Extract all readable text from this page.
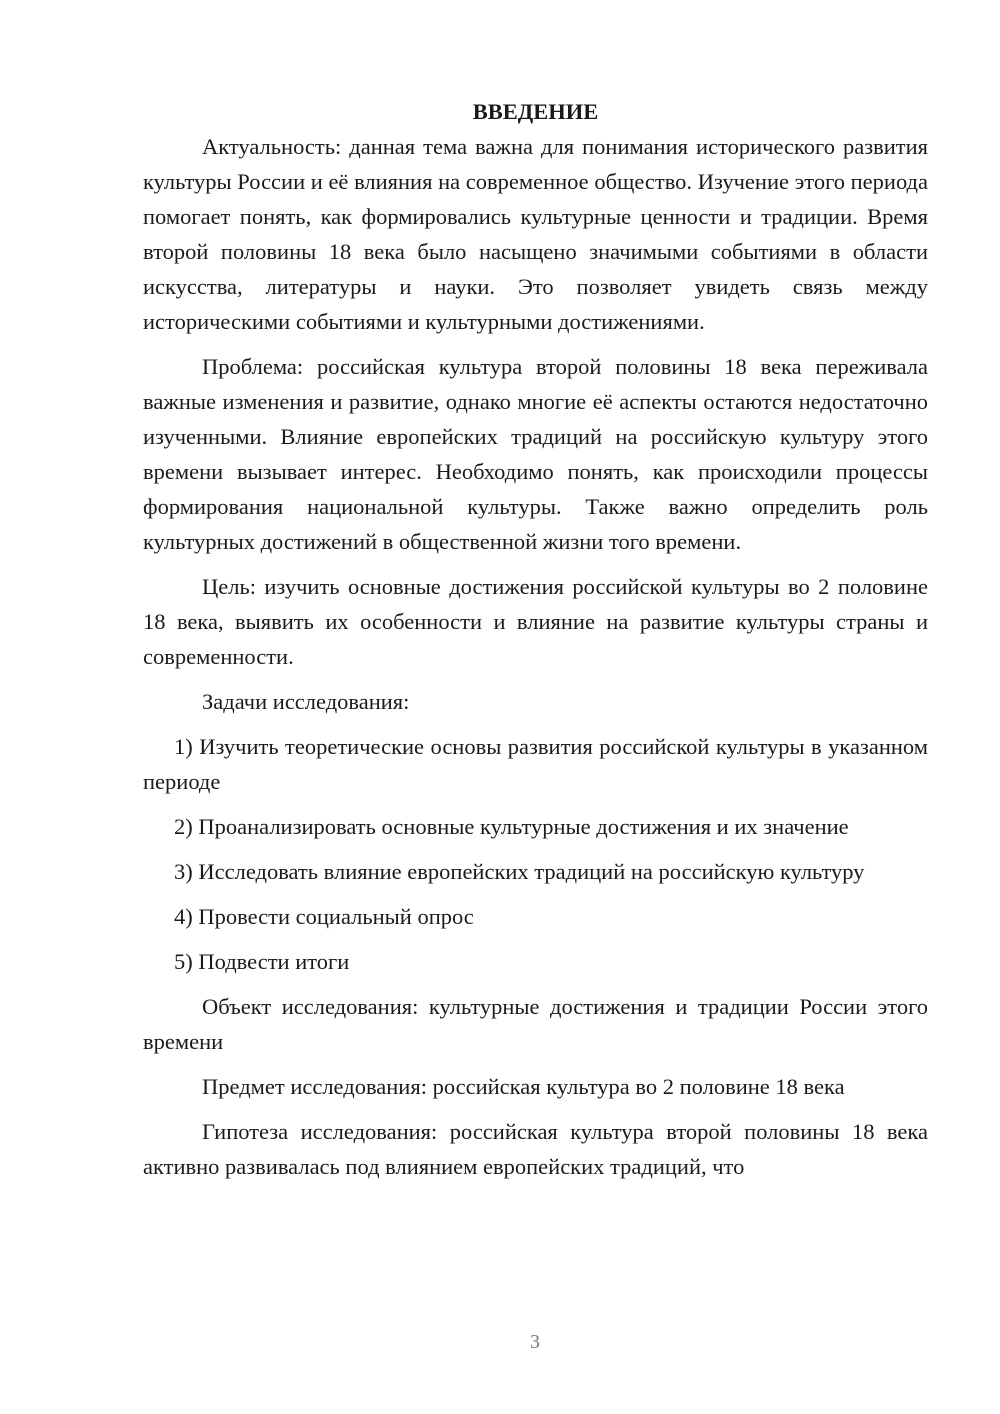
ВВЕДЕНИЕ

Актуальность: данная тема важна для понимания исторического развития культуры России и её влияния на современное общество. Изучение этого периода помогает понять, как формировались культурные ценности и традиции. Время второй половины 18 века было насыщено значимыми событиями в области искусства, литературы и науки. Это позволяет увидеть связь между историческими событиями и культурными достижениями.

Проблема: российская культура второй половины 18 века переживала важные изменения и развитие, однако многие её аспекты остаются недостаточно изученными. Влияние европейских традиций на российскую культуру этого времени вызывает интерес. Необходимо понять, как происходили процессы формирования национальной культуры. Также важно определить роль культурных достижений в общественной жизни того времени.

Цель: изучить основные достижения российской культуры во 2 половине 18 века, выявить их особенности и влияние на развитие культуры страны и современности.

Задачи исследования:

1) Изучить теоретические основы развития российской культуры в указанном периоде

2) Проанализировать основные культурные достижения и их значение

3) Исследовать влияние европейских традиций на российскую культуру

4) Провести социальный опрос

5) Подвести итоги

Объект исследования: культурные достижения и традиции России этого времени

Предмет исследования: российская культура во 2 половине 18 века

Гипотеза исследования: российская культура второй половины 18 века активно развивалась под влиянием европейских традиций, что

3
